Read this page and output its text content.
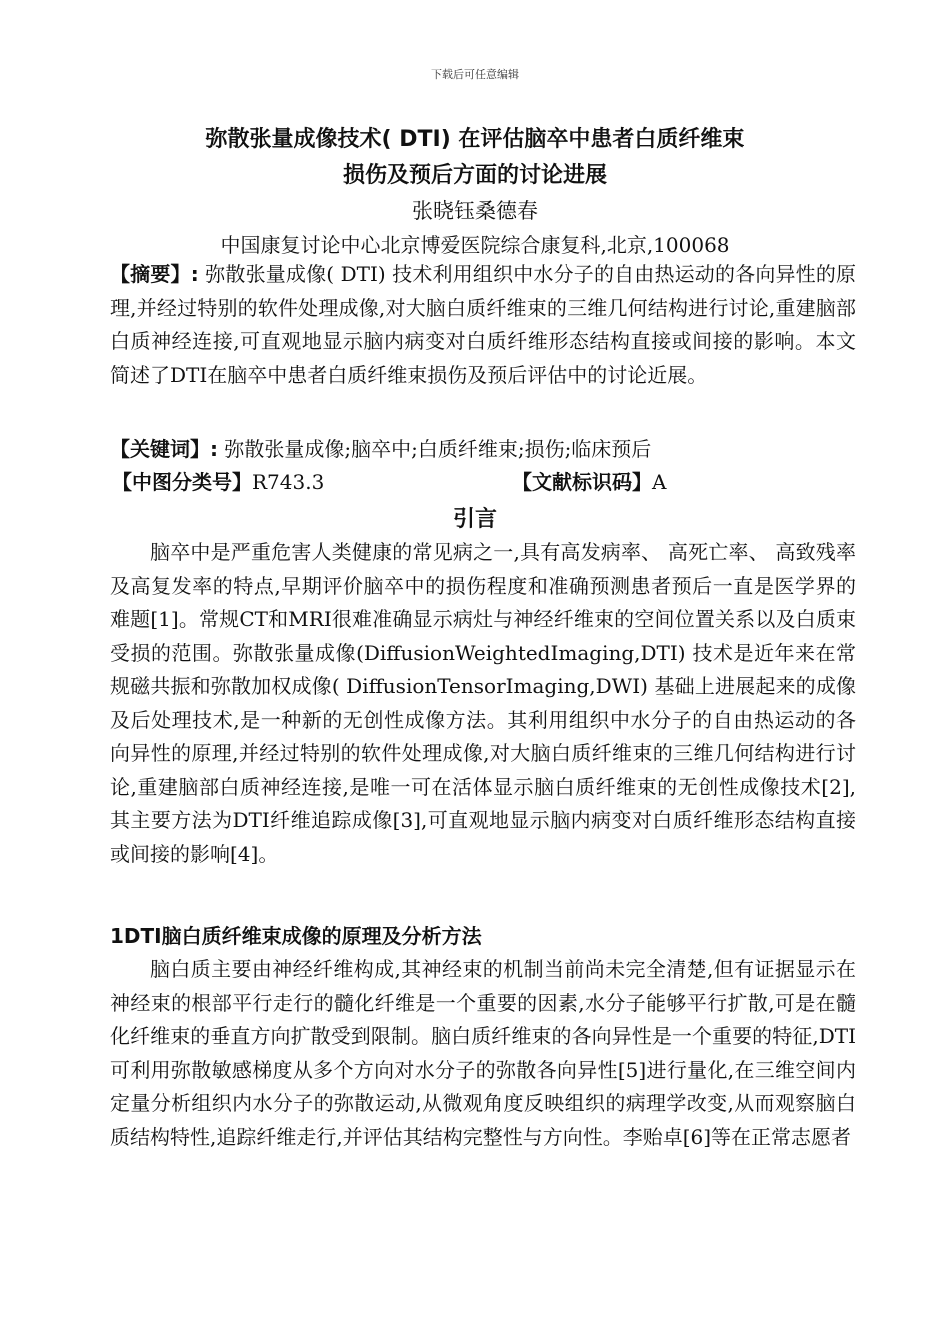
下载后可任意编辑
弥散张量成像技术( DTI) 在评估脑卒中患者白质纤维束
损伤及预后方面的讨论进展
张晓钰桑德春
中国康复讨论中心北京博爱医院综合康复科,北京,100068
【摘要】: 弥散张量成像( DTI) 技术利用组织中水分子的自由热运动的各向异性的原理,并经过特别的软件处理成像,对大脑白质纤维束的三维几何结构进行讨论,重建脑部白质神经连接,可直观地显示脑内病变对白质纤维形态结构直接或间接的影响。本文简述了DTI在脑卒中患者白质纤维束损伤及预后评估中的讨论近展。
【关键词】: 弥散张量成像;脑卒中;白质纤维束;损伤;临床预后
【中图分类号】R743.3	【文献标识码】A
引言
脑卒中是严重危害人类健康的常见病之一,具有高发病率、 高死亡率、 高致残率及高复发率的特点,早期评价脑卒中的损伤程度和准确预测患者预后一直是医学界的难题[1]。常规CT和MRI很难准确显示病灶与神经纤维束的空间位置关系以及白质束受损的范围。弥散张量成像(DiffusionWeightedImaging,DTI) 技术是近年来在常规磁共振和弥散加权成像( DiffusionTensorImaging,DWI) 基础上进展起来的成像及后处理技术,是一种新的无创性成像方法。其利用组织中水分子的自由热运动的各向异性的原理,并经过特别的软件处理成像,对大脑白质纤维束的三维几何结构进行讨论,重建脑部白质神经连接,是唯一可在活体显示脑白质纤维束的无创性成像技术[2],其主要方法为DTI纤维追踪成像[3],可直观地显示脑内病变对白质纤维形态结构直接或间接的影响[4]。
1DTI脑白质纤维束成像的原理及分析方法
脑白质主要由神经纤维构成,其神经束的机制当前尚未完全清楚,但有证据显示在神经束的根部平行走行的髓化纤维是一个重要的因素,水分子能够平行扩散,可是在髓化纤维束的垂直方向扩散受到限制。脑白质纤维束的各向异性是一个重要的特征,DTI可利用弥散敏感梯度从多个方向对水分子的弥散各向异性[5]进行量化,在三维空间内定量分析组织内水分子的弥散运动,从微观角度反映组织的病理学改变,从而观察脑白质结构特性,追踪纤维走行,并评估其结构完整性与方向性。李贻卓[6]等在正常志愿者
